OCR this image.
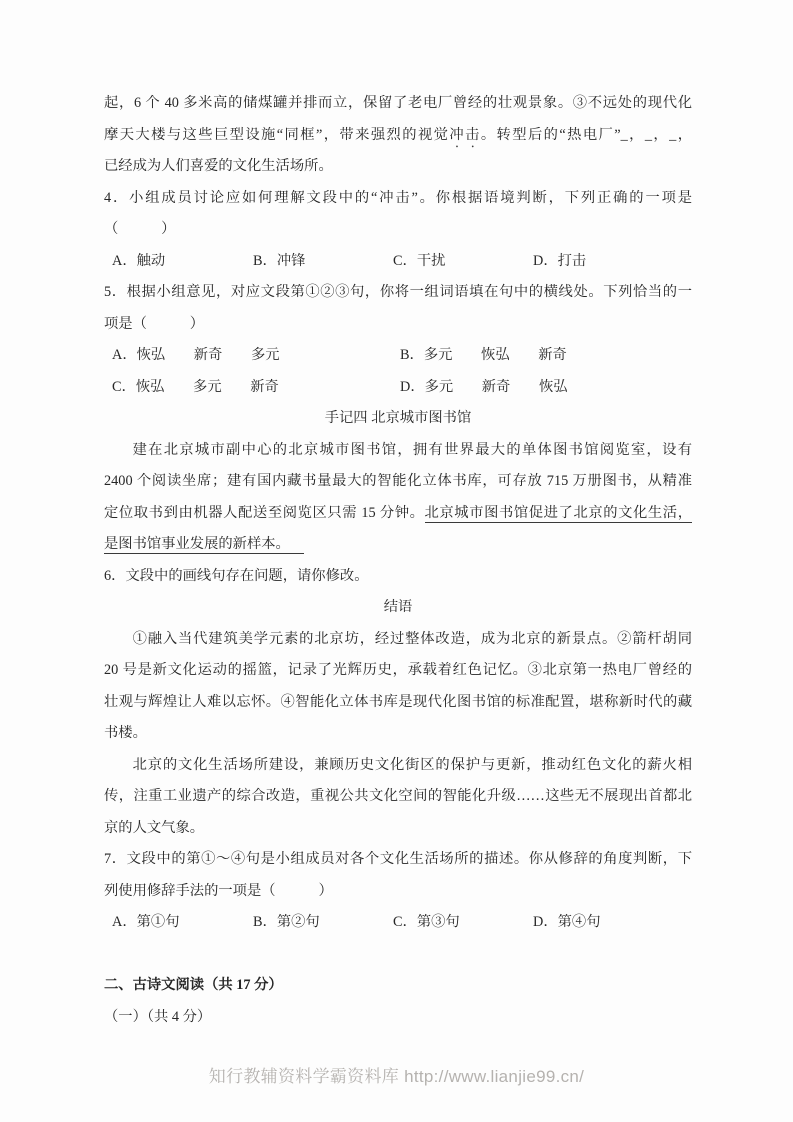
起，6 个 40 多米高的储煤罐并排而立，保留了老电厂曾经的壮观景象。③不远处的现代化
摩天大楼与这些巨型设施“同框”，带来强烈的视觉冲击。转型后的“热电厂”_，_，_，
已经成为人们喜爱的文化生活场所。
4．小组成员讨论应如何理解文段中的“冲击”。你根据语境判断，下列正确的一项是
（　　　）
A．触动	B．冲锋	C．干扰	D．打击
5．根据小组意见，对应文段第①②③句，你将一组词语填在句中的横线处。下列恰当的一
项是（　　　）
A．恢弘　　新奇　　多元	B．多元　　恢弘　　新奇
C．恢弘　　多元　　新奇	D．多元　　新奇　　恢弘
手记四 北京城市图书馆
建在北京城市副中心的北京城市图书馆，拥有世界最大的单体图书馆阅览室，设有
2400 个阅读坐席；建有国内藏书量最大的智能化立体书库，可存放 715 万册图书，从精准
定位取书到由机器人配送至阅览区只需 15 分钟。北京城市图书馆促进了北京的文化生活，
是图书馆事业发展的新样本。
6．文段中的画线句存在问题，请你修改。
结语
①融入当代建筑美学元素的北京坊，经过整体改造，成为北京的新景点。②箭杆胡同
20 号是新文化运动的摇篮，记录了光辉历史，承载着红色记忆。③北京第一热电厂曾经的
壮观与辉煌让人难以忘怀。④智能化立体书库是现代化图书馆的标准配置，堪称新时代的藏
书楼。
北京的文化生活场所建设，兼顾历史文化街区的保护与更新，推动红色文化的薪火相
传，注重工业遗产的综合改造，重视公共文化空间的智能化升级……这些无不展现出首都北
京的人文气象。
7．文段中的第①～④句是小组成员对各个文化生活场所的描述。你从修辞的角度判断，下
列使用修辞手法的一项是（　　　）
A．第①句	B．第②句	C．第③句	D．第④句
二、古诗文阅读（共 17 分）
（一）（共 4 分）
知行教辅资料学霸资料库 http://www.lianjie99.cn/
